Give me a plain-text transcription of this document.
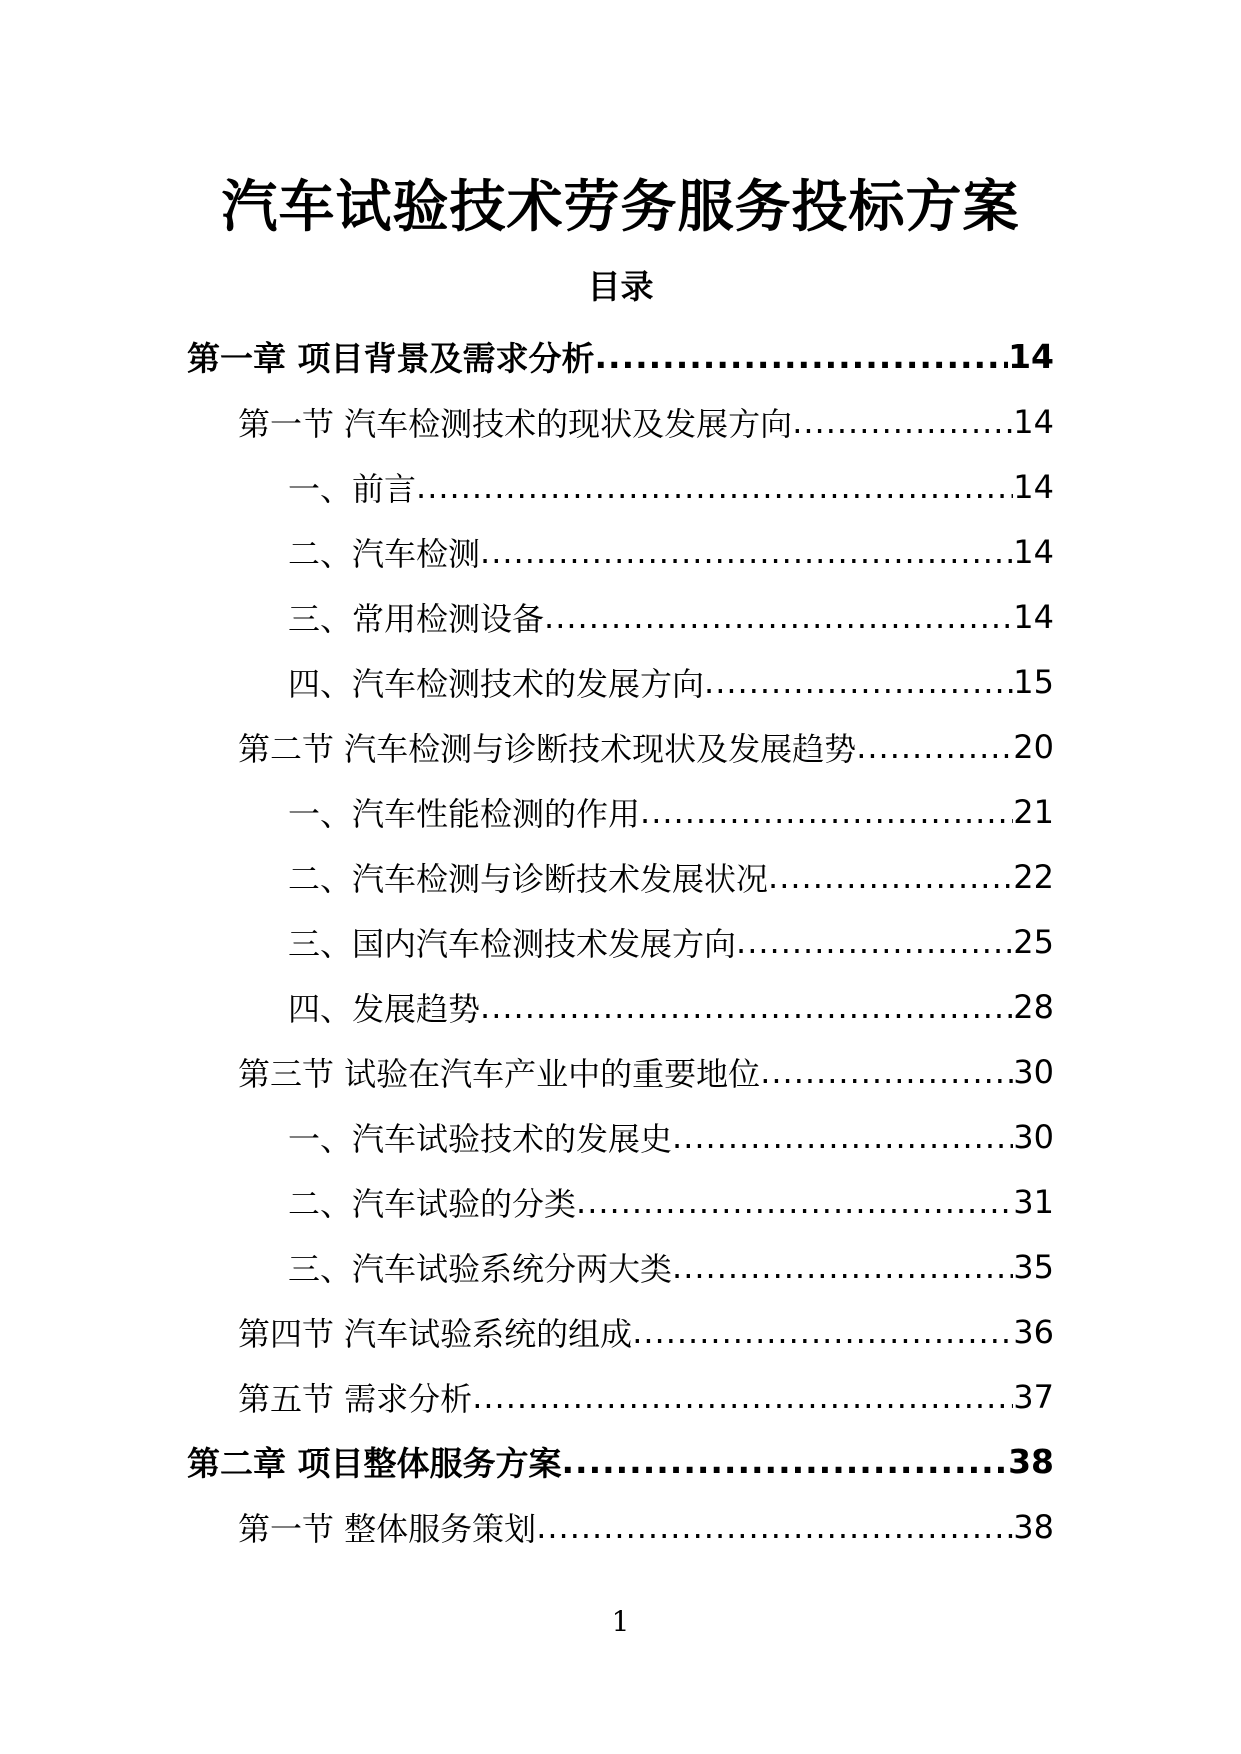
汽车试验技术劳务服务投标方案
目录
第一章 项目背景及需求分析 .....	14
第一节 汽车检测技术的现状及发展方向 .....	14
一、前言 .....	14
二、汽车检测 .....	14
三、常用检测设备 .....	14
四、汽车检测技术的发展方向 .....	15
第二节 汽车检测与诊断技术现状及发展趋势 .....	20
一、汽车性能检测的作用 .....	21
二、汽车检测与诊断技术发展状况 .....	22
三、国内汽车检测技术发展方向 .....	25
四、发展趋势 .....	28
第三节 试验在汽车产业中的重要地位 .....	30
一、汽车试验技术的发展史 .....	30
二、汽车试验的分类 .....	31
三、汽车试验系统分两大类 .....	35
第四节 汽车试验系统的组成 .....	36
第五节 需求分析 .....	37
第二章 项目整体服务方案 .....	38
第一节 整体服务策划 .....	38
1
